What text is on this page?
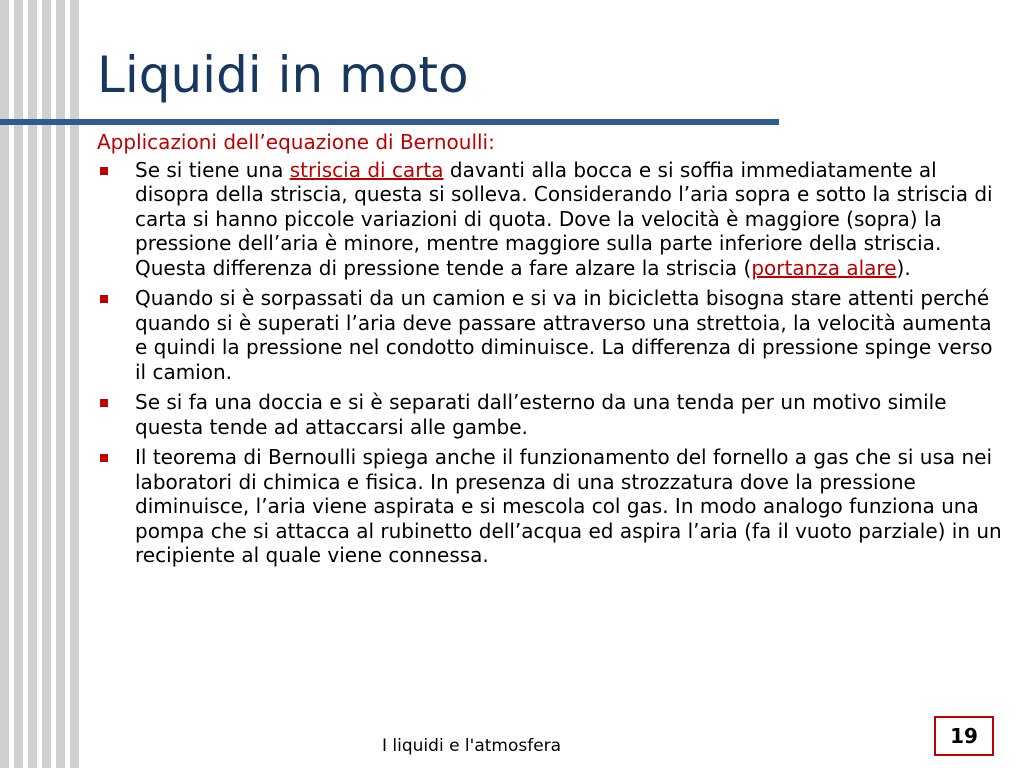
Liquidi in moto
Applicazioni dell’equazione di Bernoulli:
Se si tiene una striscia di carta davanti alla bocca e si soffia immediatamente al disopra della striscia, questa si solleva. Considerando l’aria sopra e sotto la striscia di carta si hanno piccole variazioni di quota. Dove la velocità è maggiore (sopra) la pressione dell’aria è minore, mentre maggiore sulla parte inferiore della striscia. Questa differenza di pressione tende a fare alzare la striscia (portanza alare).
Quando si è sorpassati da un camion e si va in bicicletta bisogna stare attenti perché quando si è superati l’aria deve passare attraverso una strettoia, la velocità aumenta e quindi la pressione nel condotto diminuisce. La differenza di pressione spinge verso il camion.
Se si fa una doccia e si è separati dall’esterno da una tenda per un motivo simile questa tende ad attaccarsi alle gambe.
Il teorema di Bernoulli spiega anche il funzionamento del fornello a gas che si usa nei laboratori di chimica e fisica. In presenza di una strozzatura dove la pressione diminuisce, l’aria viene aspirata e si mescola col gas. In modo analogo funziona una pompa che si attacca al rubinetto dell’acqua ed aspira l’aria (fa il vuoto parziale) in un recipiente al quale viene connessa.
I liquidi e l'atmosfera	19
